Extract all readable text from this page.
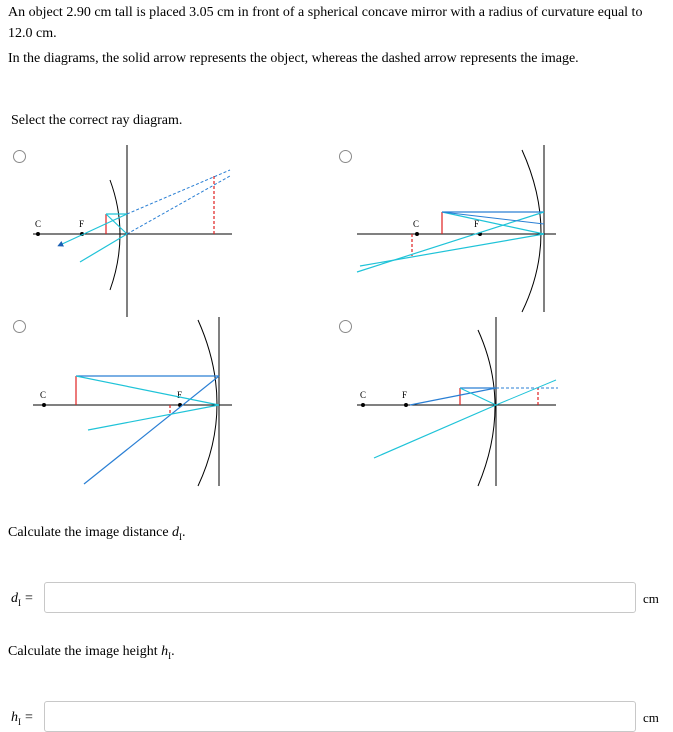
An object 2.90 cm tall is placed 3.05 cm in front of a spherical concave mirror with a radius of curvature equal to 12.0 cm.
In the diagrams, the solid arrow represents the object, whereas the dashed arrow represents the image.
Select the correct ray diagram.
C	F	C	F
C	F	C	F
Calculate the image distance $d_I$.
$d_I$ =	cm
Calculate the image height $h_I$.
$h_I$ =	cm
